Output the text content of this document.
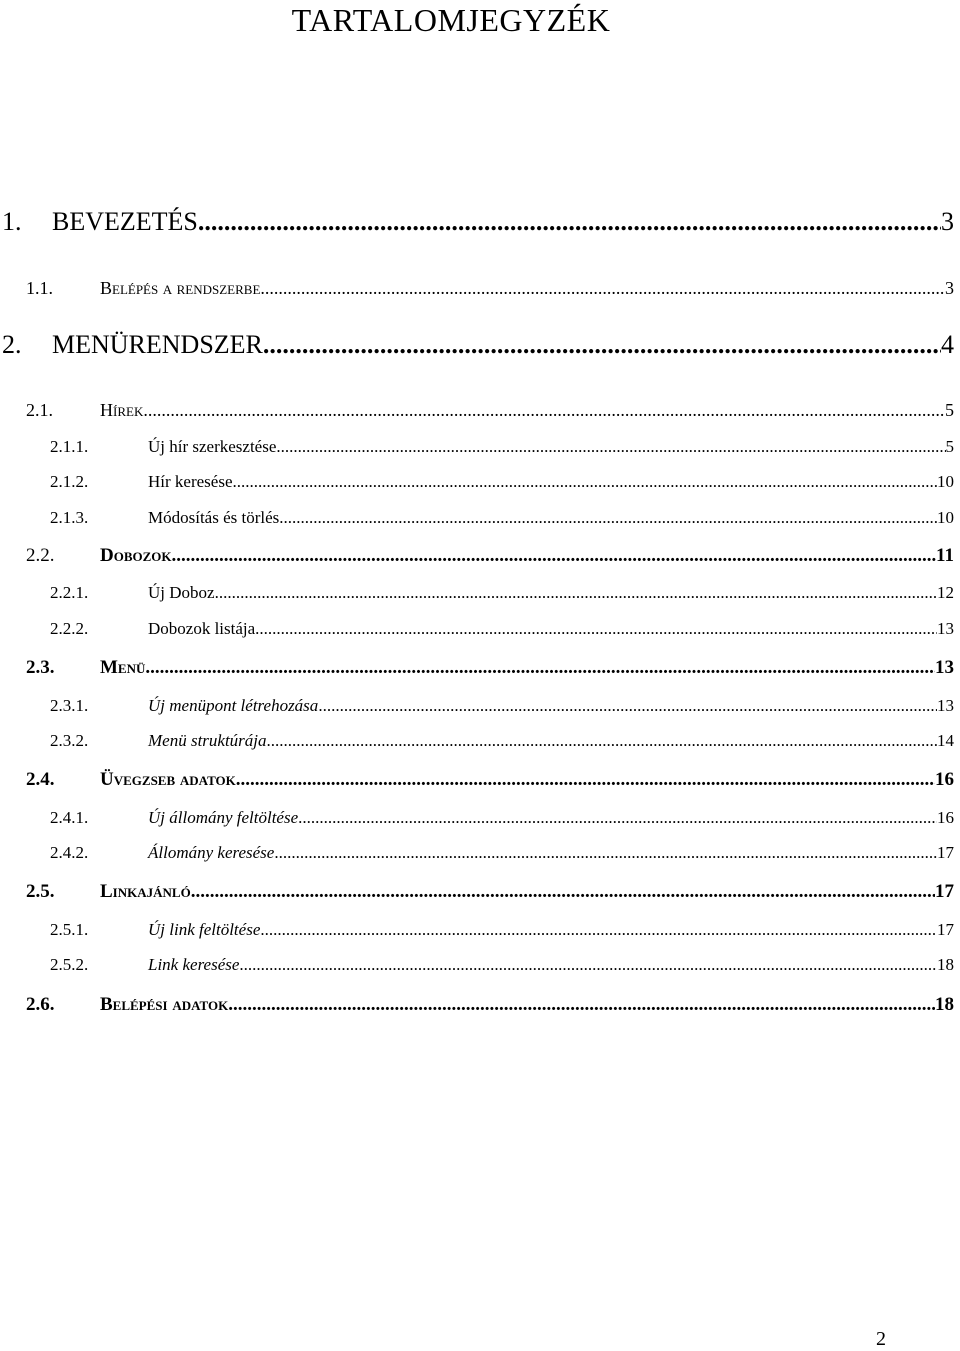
TARTALOMJEGYZÉK
1.	BEVEZETÉS .....	3
1.1.	Belépés a rendszerbe .....	3
2.	MENÜRENDSZER .....	4
2.1.	Hírek .....	5
2.1.1.	Új hír szerkesztése .....	5
2.1.2.	Hír keresése .....	10
2.1.3.	Módosítás és törlés .....	10
2.2.	Dobozok .....	11
2.2.1.	Új Doboz .....	12
2.2.2.	Dobozok listája .....	13
2.3.	Menü .....	13
2.3.1.	Új menüpont létrehozása .....	13
2.3.2.	Menü struktúrája .....	14
2.4.	Üvegzseb adatok .....	16
2.4.1.	Új állomány feltöltése .....	16
2.4.2.	Állomány keresése .....	17
2.5.	Linkajánló .....	17
2.5.1.	Új link feltöltése .....	17
2.5.2.	Link keresése .....	18
2.6.	Belépési adatok .....	18
2
